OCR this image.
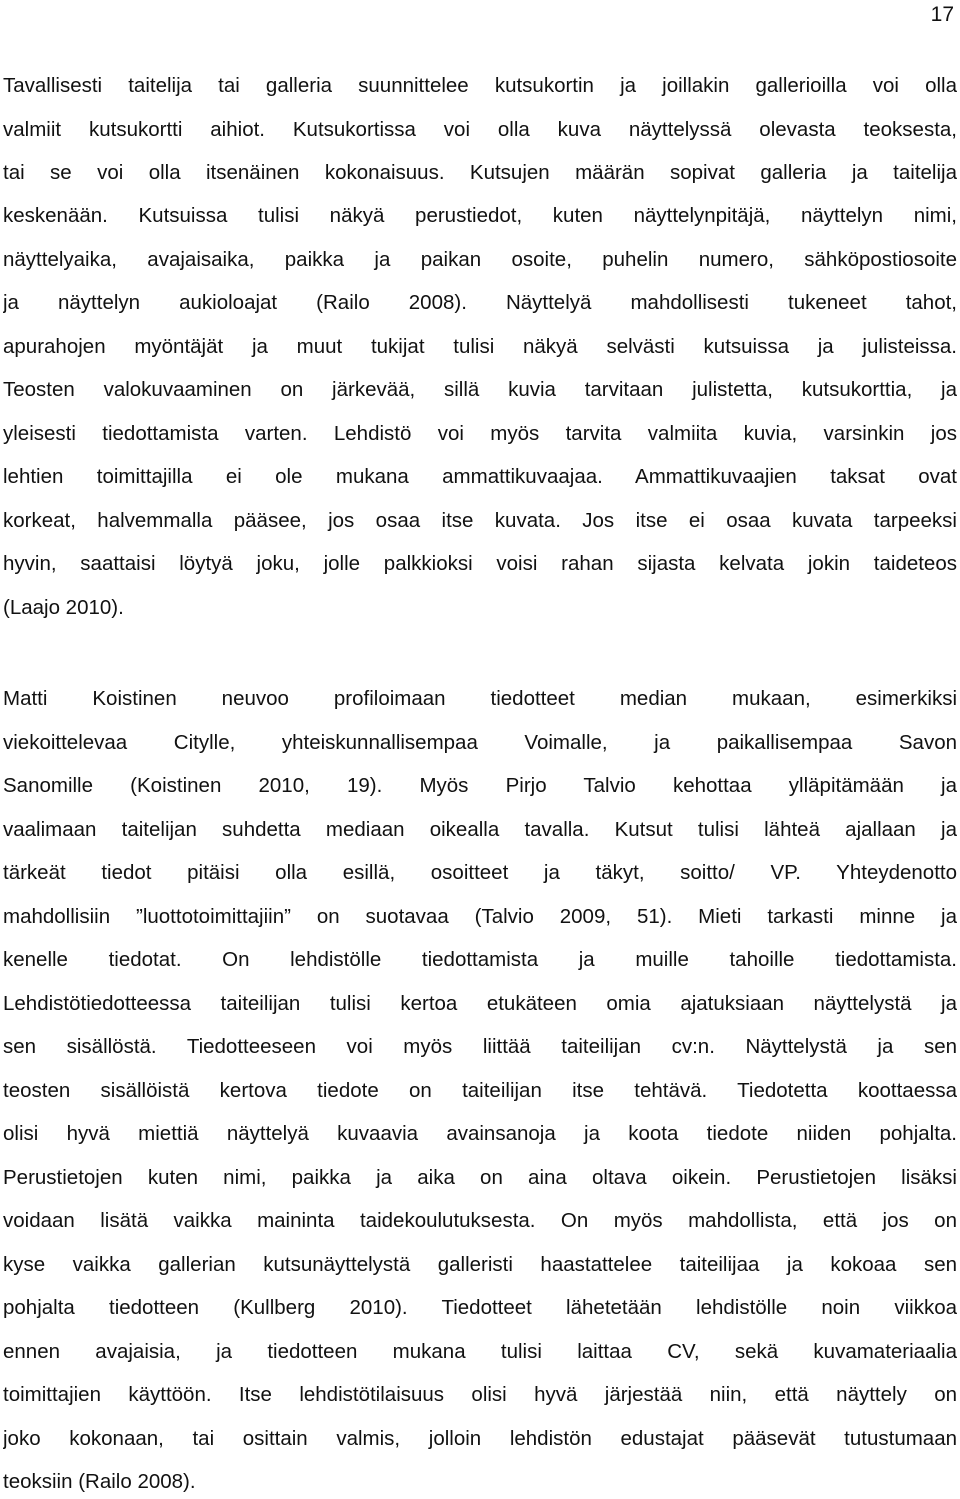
17
Tavallisesti taitelija tai galleria suunnittelee kutsukortin ja joillakin gallerioilla voi olla
valmiit kutsukortti aihiot. Kutsukortissa voi olla kuva näyttelyssä olevasta teoksesta,
tai se voi olla itsenäinen kokonaisuus. Kutsujen määrän sopivat galleria ja taitelija
keskenään. Kutsuissa tulisi näkyä perustiedot, kuten näyttelynpitäjä, näyttelyn nimi,
näyttelyaika, avajaisaika, paikka ja paikan osoite, puhelin numero, sähköpostiosoite
ja näyttelyn aukioloajat (Railo 2008). Näyttelyä mahdollisesti tukeneet tahot,
apurahojen myöntäjät ja muut tukijat tulisi näkyä selvästi kutsuissa ja julisteissa.
Teosten valokuvaaminen on järkevää, sillä kuvia tarvitaan julistetta, kutsukorttia, ja
yleisesti tiedottamista varten. Lehdistö voi myös tarvita valmiita kuvia, varsinkin jos
lehtien toimittajilla ei ole mukana ammattikuvaajaa. Ammattikuvaajien taksat ovat
korkeat, halvemmalla pääsee, jos osaa itse kuvata. Jos itse ei osaa kuvata tarpeeksi
hyvin, saattaisi löytyä joku, jolle palkkioksi voisi rahan sijasta kelvata jokin taideteos
(Laajo 2010).
Matti Koistinen neuvoo profiloimaan tiedotteet median mukaan, esimerkiksi
viekoittelevaa Citylle, yhteiskunnallisempaa Voimalle, ja paikallisempaa Savon
Sanomille (Koistinen 2010, 19). Myös Pirjo Talvio kehottaa ylläpitämään ja
vaalimaan taitelijan suhdetta mediaan oikealla tavalla. Kutsut tulisi lähteä ajallaan ja
tärkeät tiedot pitäisi olla esillä, osoitteet ja täkyt, soitto/ VP. Yhteydenotto
mahdollisiin ”luottotoimittajiin” on suotavaa (Talvio 2009, 51). Mieti tarkasti minne ja
kenelle tiedotat. On lehdistölle tiedottamista ja muille tahoille tiedottamista.
Lehdistötiedotteessa taiteilijan tulisi kertoa etukäteen omia ajatuksiaan näyttelystä ja
sen sisällöstä. Tiedotteeseen voi myös liittää taiteilijan cv:n. Näyttelystä ja sen
teosten sisällöistä kertova tiedote on taiteilijan itse tehtävä. Tiedotetta koottaessa
olisi hyvä miettiä näyttelyä kuvaavia avainsanoja ja koota tiedote niiden pohjalta.
Perustietojen kuten nimi, paikka ja aika on aina oltava oikein. Perustietojen lisäksi
voidaan lisätä vaikka maininta taidekoulutuksesta. On myös mahdollista, että jos on
kyse vaikka gallerian kutsunäyttelystä galleristi haastattelee taiteilijaa ja kokoaa sen
pohjalta tiedotteen (Kullberg 2010). Tiedotteet lähetetään lehdistölle noin viikkoa
ennen avajaisia, ja tiedotteen mukana tulisi laittaa CV, sekä kuvamateriaalia
toimittajien käyttöön. Itse lehdistötilaisuus olisi hyvä järjestää niin, että näyttely on
joko kokonaan, tai osittain valmis, jolloin lehdistön edustajat pääsevät tutustumaan
teoksiin (Railo 2008).
